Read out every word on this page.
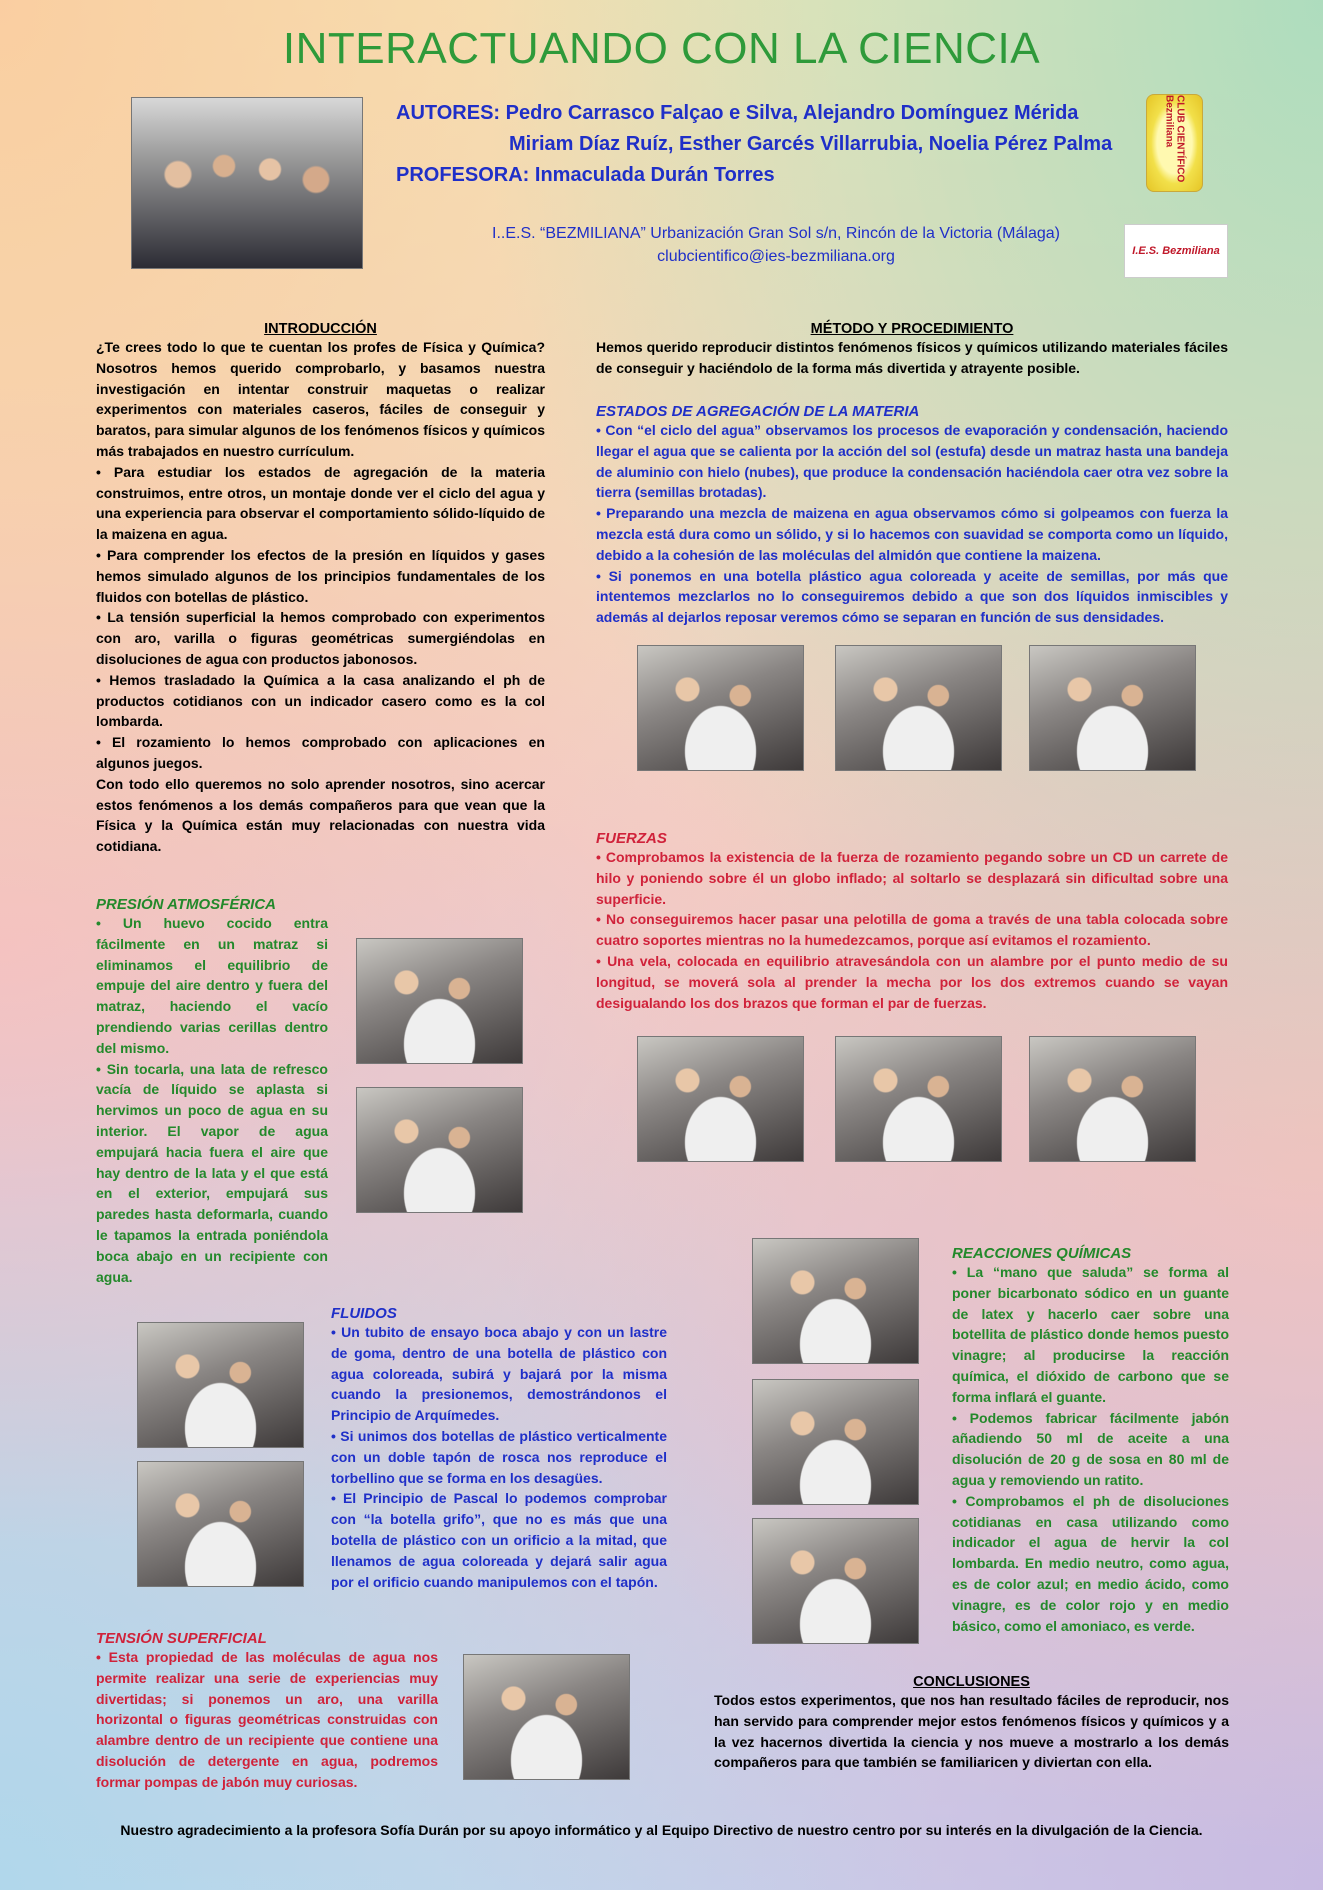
INTERACTUANDO CON LA CIENCIA
AUTORES: Pedro Carrasco Falçao e Silva, Alejandro Domínguez Mérida
Miriam Díaz Ruíz, Esther Garcés Villarrubia, Noelia Pérez Palma
PROFESORA: Inmaculada Durán Torres	CLUB CIENTÍFICO Bezmiliana
I..E.S. “BEZMILIANA” Urbanización Gran Sol s/n, Rincón de la Victoria (Málaga)
clubcientifico@ies-bezmiliana.org	I.E.S. Bezmiliana
INTRODUCCIÓN

¿Te crees todo lo que te cuentan los profes de Física y Química? Nosotros hemos querido comprobarlo, y basamos nuestra investigación en intentar construir maquetas o realizar experimentos con materiales caseros, fáciles de conseguir y baratos, para simular algunos de los fenómenos físicos y químicos más trabajados en nuestro currículum.

• Para estudiar los estados de agregación de la materia construimos, entre otros, un montaje donde ver el ciclo del agua y una experiencia para observar el comportamiento sólido-líquido de la maizena en agua.

• Para comprender los efectos de la presión en líquidos y gases hemos simulado algunos de los principios fundamentales de los fluidos con botellas de plástico.

• La tensión superficial la hemos comprobado con experimentos con aro, varilla o figuras geométricas sumergiéndolas en disoluciones de agua con productos jabonosos.

• Hemos trasladado la Química a la casa analizando el ph de productos cotidianos con un indicador casero como es la col lombarda.

• El rozamiento lo hemos comprobado con aplicaciones en algunos juegos.

Con todo ello queremos no solo aprender nosotros, sino acercar estos fenómenos a los demás compañeros para que vean que la Física y la Química están muy relacionadas con nuestra vida cotidiana.

PRESIÓN ATMOSFÉRICA

• Un huevo cocido entra fácilmente en un matraz si eliminamos el equilibrio de empuje del aire dentro y fuera del matraz, haciendo el vacío prendiendo varias cerillas dentro del mismo.

• Sin tocarla, una lata de refresco vacía de líquido se aplasta si hervimos un poco de agua en su interior. El vapor de agua empujará hacia fuera el aire que hay dentro de la lata y el que está en el exterior, empujará sus paredes hasta deformarla, cuando le tapamos la entrada poniéndola boca abajo en un recipiente con agua.

FLUIDOS

• Un tubito de ensayo boca abajo y con un lastre de goma, dentro de una botella de plástico con agua coloreada, subirá y bajará por la misma cuando la presionemos, demostrándonos el Principio de Arquímedes.

• Si unimos dos botellas de plástico verticalmente con un doble tapón de rosca nos reproduce el torbellino que se forma en los desagües.

• El Principio de Pascal lo podemos comprobar con “la botella grifo”, que no es más que una botella de plástico con un orificio a la mitad, que llenamos de agua coloreada y dejará salir agua por el orificio cuando manipulemos con el tapón.

TENSIÓN SUPERFICIAL

• Esta propiedad de las moléculas de agua nos permite realizar una serie de experiencias muy divertidas; si ponemos un aro, una varilla horizontal o figuras geométricas construidas con alambre dentro de un recipiente que contiene una disolución de detergente en agua, podremos formar pompas de jabón muy curiosas.

MÉTODO Y PROCEDIMIENTO
Hemos querido reproducir distintos fenómenos físicos y químicos utilizando materiales fáciles de conseguir y haciéndolo de la forma más divertida y atrayente posible.
ESTADOS DE AGREGACIÓN DE LA MATERIA

• Con “el ciclo del agua” observamos los procesos de evaporación y condensación, haciendo llegar el agua que se calienta por la acción del sol (estufa) desde un matraz hasta una bandeja de aluminio con hielo (nubes), que produce la condensación haciéndola caer otra vez sobre la tierra (semillas brotadas).

• Preparando una mezcla de maizena en agua observamos cómo si golpeamos con fuerza la mezcla está dura como un sólido, y si lo hacemos con suavidad se comporta como un líquido, debido a la cohesión de las moléculas del almidón que contiene la maizena.

• Si ponemos en una botella plástico agua coloreada y aceite de semillas, por más que intentemos mezclarlos no lo conseguiremos debido a que son dos líquidos inmiscibles y además al dejarlos reposar veremos cómo se separan en función de sus densidades.

FUERZAS

• Comprobamos la existencia de la fuerza de rozamiento pegando sobre un CD un carrete de hilo y poniendo sobre él un globo inflado; al soltarlo se desplazará sin dificultad sobre una superficie.

• No conseguiremos hacer pasar una pelotilla de goma a través de una tabla colocada sobre cuatro soportes mientras no la humedezcamos, porque así evitamos el rozamiento.

• Una vela, colocada en equilibrio atravesándola con un alambre por el punto medio de su longitud, se moverá sola al prender la mecha por los dos extremos cuando se vayan desigualando los dos brazos que forman el par de fuerzas.

REACCIONES QUÍMICAS

• La “mano que saluda” se forma al poner bicarbonato sódico en un guante de latex y hacerlo caer sobre una botellita de plástico donde hemos puesto vinagre; al producirse la reacción química, el dióxido de carbono que se forma inflará el guante.

• Podemos fabricar fácilmente jabón añadiendo 50 ml de aceite a una disolución de 20 g de sosa en 80 ml de agua y removiendo un ratito.

• Comprobamos el ph de disoluciones cotidianas en casa utilizando como indicador el agua de hervir la col lombarda. En medio neutro, como agua, es de color azul; en medio ácido, como vinagre, es de color rojo y en medio básico, como el amoniaco, es verde.

CONCLUSIONES
Todos estos experimentos, que nos han resultado fáciles de reproducir, nos han servido para comprender mejor estos fenómenos físicos y químicos y a la vez hacernos divertida la ciencia y nos mueve a mostrarlo a los demás compañeros para que también se familiaricen y diviertan con ella.
Nuestro agradecimiento a la profesora Sofía Durán por su apoyo informático y al Equipo Directivo de nuestro centro por su interés en la divulgación de la Ciencia.
